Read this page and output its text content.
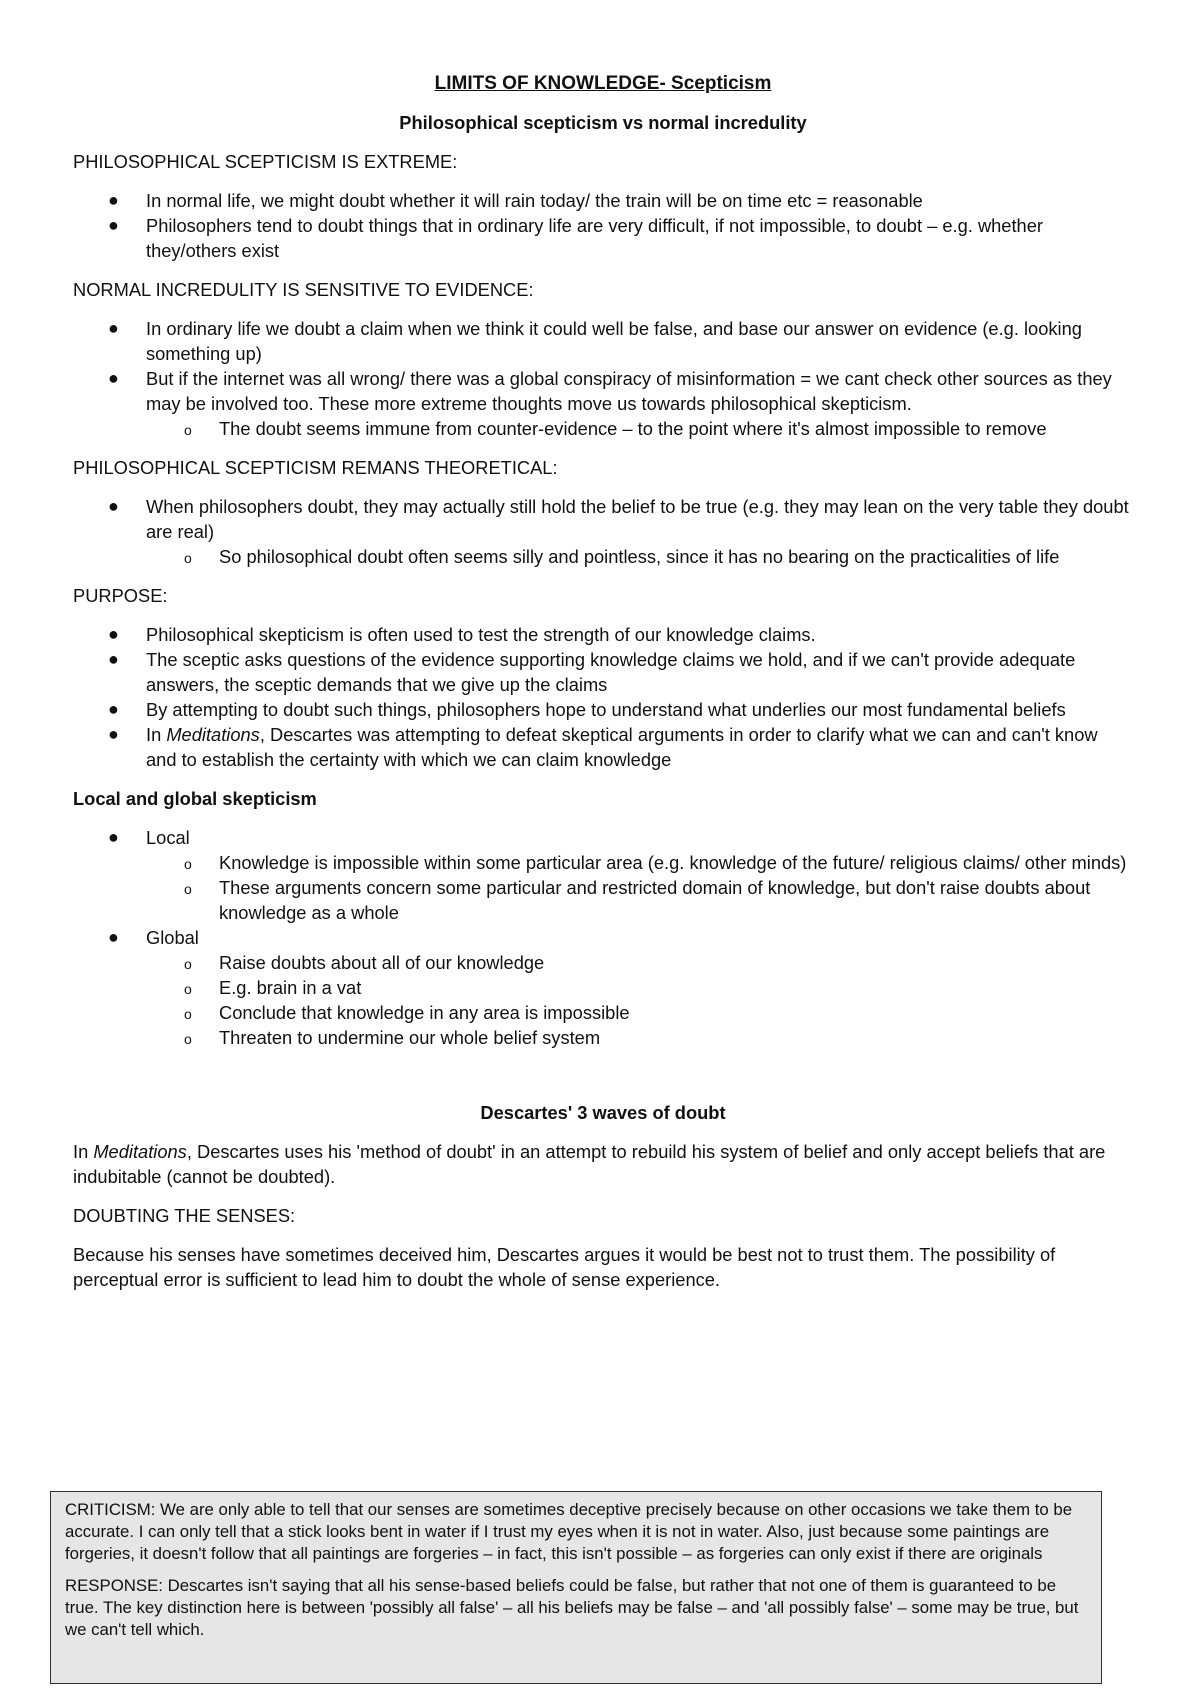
LIMITS OF KNOWLEDGE- Scepticism
Philosophical scepticism vs normal incredulity
PHILOSOPHICAL SCEPTICISM IS EXTREME:
● In normal life, we might doubt whether it will rain today/ the train will be on time etc = reasonable
● Philosophers tend to doubt things that in ordinary life are very difficult, if not impossible, to doubt – e.g. whether they/others exist
NORMAL INCREDULITY IS SENSITIVE TO EVIDENCE:
● In ordinary life we doubt a claim when we think it could well be false, and base our answer on evidence (e.g. looking something up)
● But if the internet was all wrong/ there was a global conspiracy of misinformation = we cant check other sources as they may be involved too. These more extreme thoughts move us towards philosophical skepticism.
o The doubt seems immune from counter-evidence – to the point where it's almost impossible to remove
PHILOSOPHICAL SCEPTICISM REMANS THEORETICAL:
● When philosophers doubt, they may actually still hold the belief to be true (e.g. they may lean on the very table they doubt are real)
o So philosophical doubt often seems silly and pointless, since it has no bearing on the practicalities of life
PURPOSE:
● Philosophical skepticism is often used to test the strength of our knowledge claims.
● The sceptic asks questions of the evidence supporting knowledge claims we hold, and if we can't provide adequate answers, the sceptic demands that we give up the claims
● By attempting to doubt such things, philosophers hope to understand what underlies our most fundamental beliefs
● In Meditations, Descartes was attempting to defeat skeptical arguments in order to clarify what we can and can't know and to establish the certainty with which we can claim knowledge
Local and global skepticism
● Local
o Knowledge is impossible within some particular area (e.g. knowledge of the future/ religious claims/ other minds)
o These arguments concern some particular and restricted domain of knowledge, but don't raise doubts about knowledge as a whole
● Global
o Raise doubts about all of our knowledge
o E.g. brain in a vat
o Conclude that knowledge in any area is impossible
o Threaten to undermine our whole belief system
Descartes' 3 waves of doubt

In Meditations, Descartes uses his 'method of doubt' in an attempt to rebuild his system of belief and only accept beliefs that are indubitable (cannot be doubted).

DOUBTING THE SENSES:

Because his senses have sometimes deceived him, Descartes argues it would be best not to trust them. The possibility of perceptual error is sufficient to lead him to doubt the whole of sense experience.

CRITICISM: We are only able to tell that our senses are sometimes deceptive precisely because on other occasions we take them to be accurate. I can only tell that a stick looks bent in water if I trust my eyes when it is not in water. Also, just because some paintings are forgeries, it doesn't follow that all paintings are forgeries – in fact, this isn't possible – as forgeries can only exist if there are originals

RESPONSE: Descartes isn't saying that all his sense-based beliefs could be false, but rather that not one of them is guaranteed to be true. The key distinction here is between 'possibly all false' – all his beliefs may be false – and 'all possibly false' – some may be true, but we can't tell which.
